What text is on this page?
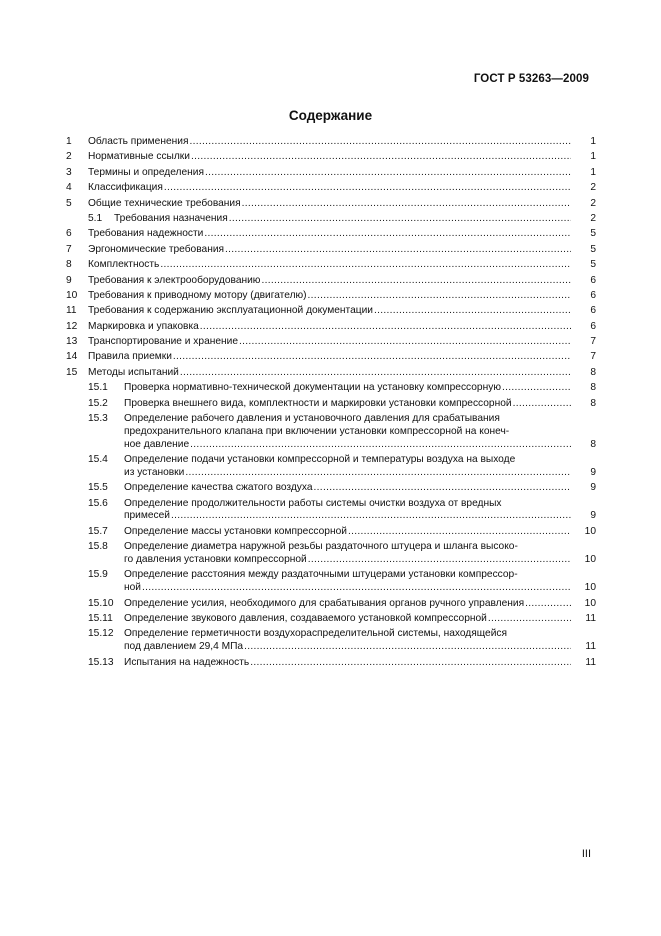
ГОСТ Р 53263—2009
Содержание
1 Область применения .....	1
2 Нормативные ссылки .....	1
3 Термины и определения .....	1
4 Классификация .....	2
5 Общие технические требования .....	2
5.1 Требования назначения .....	2
6 Требования надежности .....	5
7 Эргономические требования .....	5
8 Комплектность .....	5
9 Требования к электрооборудованию .....	6
10 Требования к приводному мотору (двигателю) .....	6
11 Требования к содержанию эксплуатационной документации .....	6
12 Маркировка и упаковка .....	6
13 Транспортирование и хранение .....	7
14 Правила приемки .....	7
15 Методы испытаний .....	8
15.1 Проверка нормативно-технической документации на установку компрессорную .....	8
15.2 Проверка внешнего вида, комплектности и маркировки установки компрессорной .....	8
15.3 Определение рабочего давления и установочного давления для срабатывания
предохранительного клапана при включении установки компрессорной на конеч-
ное давление .....	8
15.4 Определение подачи установки компрессорной и температуры воздуха на выходе
из установки .....	9
15.5 Определение качества сжатого воздуха .....	9
15.6 Определение продолжительности работы системы очистки воздуха от вредных
примесей .....	9
15.7 Определение массы установки компрессорной .....	10
15.8 Определение диаметра наружной резьбы раздаточного штуцера и шланга высоко-
го давления установки компрессорной .....	10
15.9 Определение расстояния между раздаточными штуцерами установки компрессор-
ной .....	10
15.10 Определение усилия, необходимого для срабатывания органов ручного управления .....	10
15.11 Определение звукового давления, создаваемого установкой компрессорной .....	11
15.12 Определение герметичности воздухораспределительной системы, находящейся
под давлением 29,4 МПа .....	11
15.13 Испытания на надежность .....	11
III
